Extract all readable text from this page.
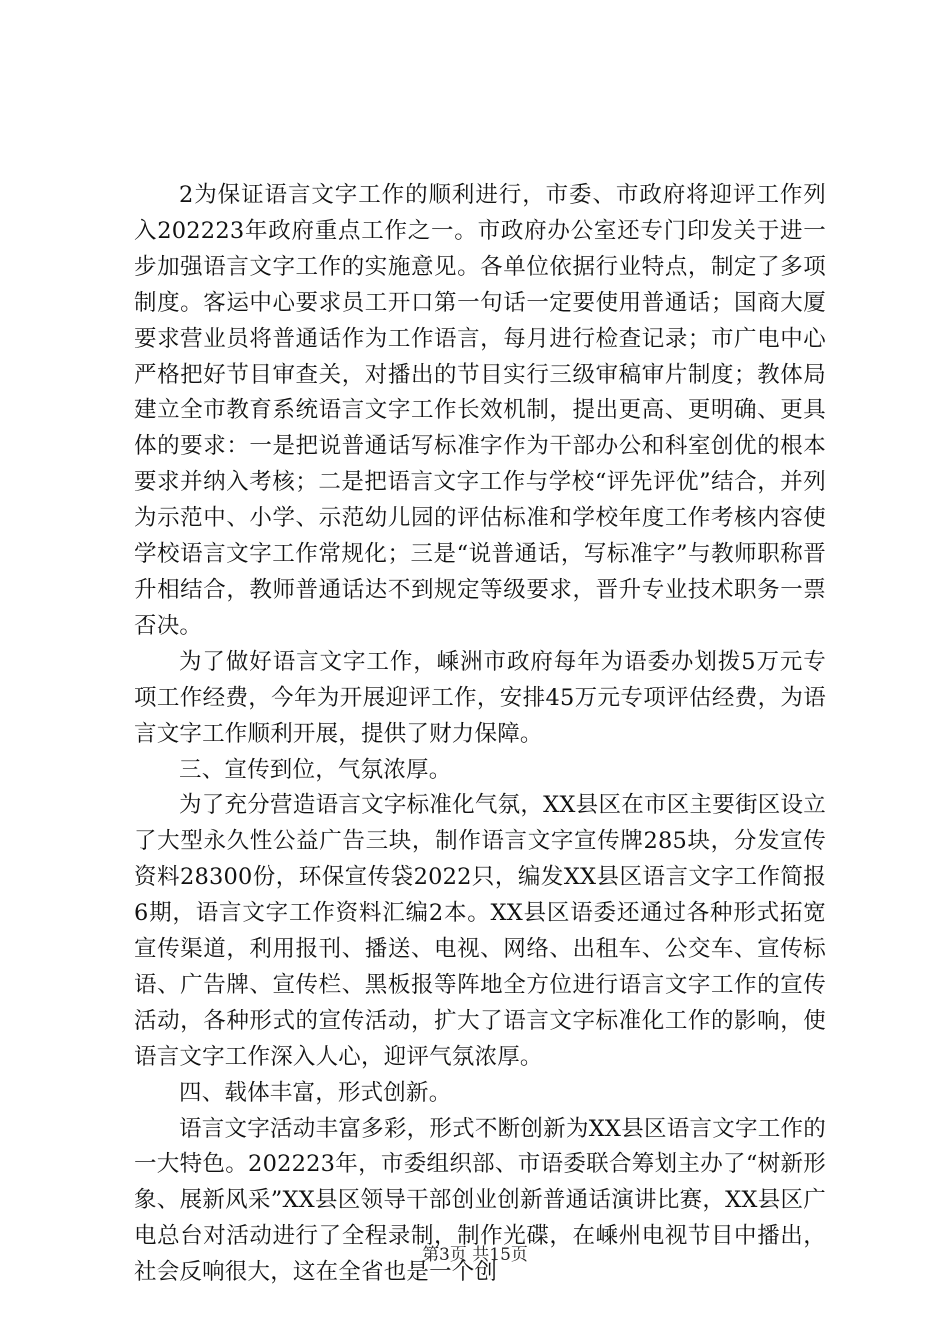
2为保证语言文字工作的顺利进行，市委、市政府将迎评工作列入202223年政府重点工作之一。市政府办公室还专门印发关于进一步加强语言文字工作的实施意见。各单位依据行业特点，制定了多项制度。客运中心要求员工开口第一句话一定要使用普通话；国商大厦要求营业员将普通话作为工作语言，每月进行检查记录；市广电中心严格把好节目审查关，对播出的节目实行三级审稿审片制度；教体局建立全市教育系统语言文字工作长效机制，提出更高、更明确、更具体的要求：一是把说普通话写标准字作为干部办公和科室创优的根本要求并纳入考核；二是把语言文字工作与学校“评先评优”结合，并列为示范中、小学、示范幼儿园的评估标准和学校年度工作考核内容使学校语言文字工作常规化；三是“说普通话，写标准字”与教师职称晋升相结合，教师普通话达不到规定等级要求，晋升专业技术职务一票否决。

为了做好语言文字工作，嵊洲市政府每年为语委办划拨5万元专项工作经费，今年为开展迎评工作，安排45万元专项评估经费，为语言文字工作顺利开展，提供了财力保障。

三、宣传到位，气氛浓厚。

为了充分营造语言文字标准化气氛，XX县区在市区主要街区设立了大型永久性公益广告三块，制作语言文字宣传牌285块，分发宣传资料28300份，环保宣传袋2022只，编发XX县区语言文字工作简报6期，语言文字工作资料汇编2本。XX县区语委还通过各种形式拓宽宣传渠道，利用报刊、播送、电视、网络、出租车、公交车、宣传标语、广告牌、宣传栏、黑板报等阵地全方位进行语言文字工作的宣传活动，各种形式的宣传活动，扩大了语言文字标准化工作的影响，使语言文字工作深入人心，迎评气氛浓厚。

四、载体丰富，形式创新。

语言文字活动丰富多彩，形式不断创新为XX县区语言文字工作的一大特色。202223年，市委组织部、市语委联合筹划主办了“树新形象、展新风采”XX县区领导干部创业创新普通话演讲比赛，XX县区广电总台对活动进行了全程录制，制作光碟，在嵊州电视节目中播出，社会反响很大，这在全省也是一个创

第3页 共15页
